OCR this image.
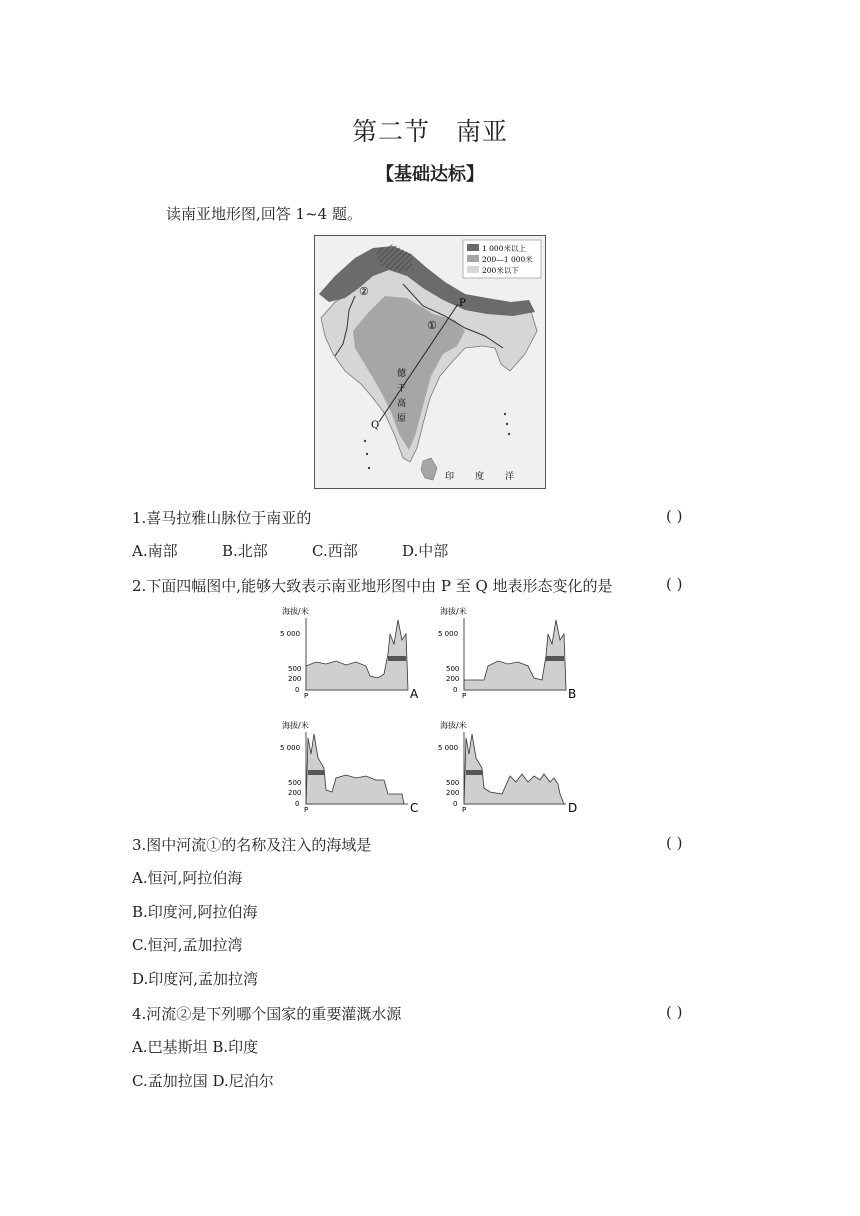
第二节 南亚
【基础达标】
读南亚地形图,回答 1~4 题。
1 000米以上
200—1 000米
200米以下
P
Q
①
②
德
干
高
原
印 度 洋
1.喜马拉雅山脉位于南亚的	( )
A.南部	B.北部	C.西部	D.中部
2.下面四幅图中,能够大致表示南亚地形图中由 P 至 Q 地表形态变化的是	( )
海拔/米
5 000
500
200
0
P	A
海拔/米
5 000
500
200
0
P	B
海拔/米
5 000
500
200
0
P	C
海拔/米
5 000
500
200
0
P	D
3.图中河流①的名称及注入的海域是	( )
A.恒河,阿拉伯海
B.印度河,阿拉伯海
C.恒河,孟加拉湾
D.印度河,孟加拉湾
4.河流②是下列哪个国家的重要灌溉水源	( )
A.巴基斯坦 B.印度
C.孟加拉国 D.尼泊尔
